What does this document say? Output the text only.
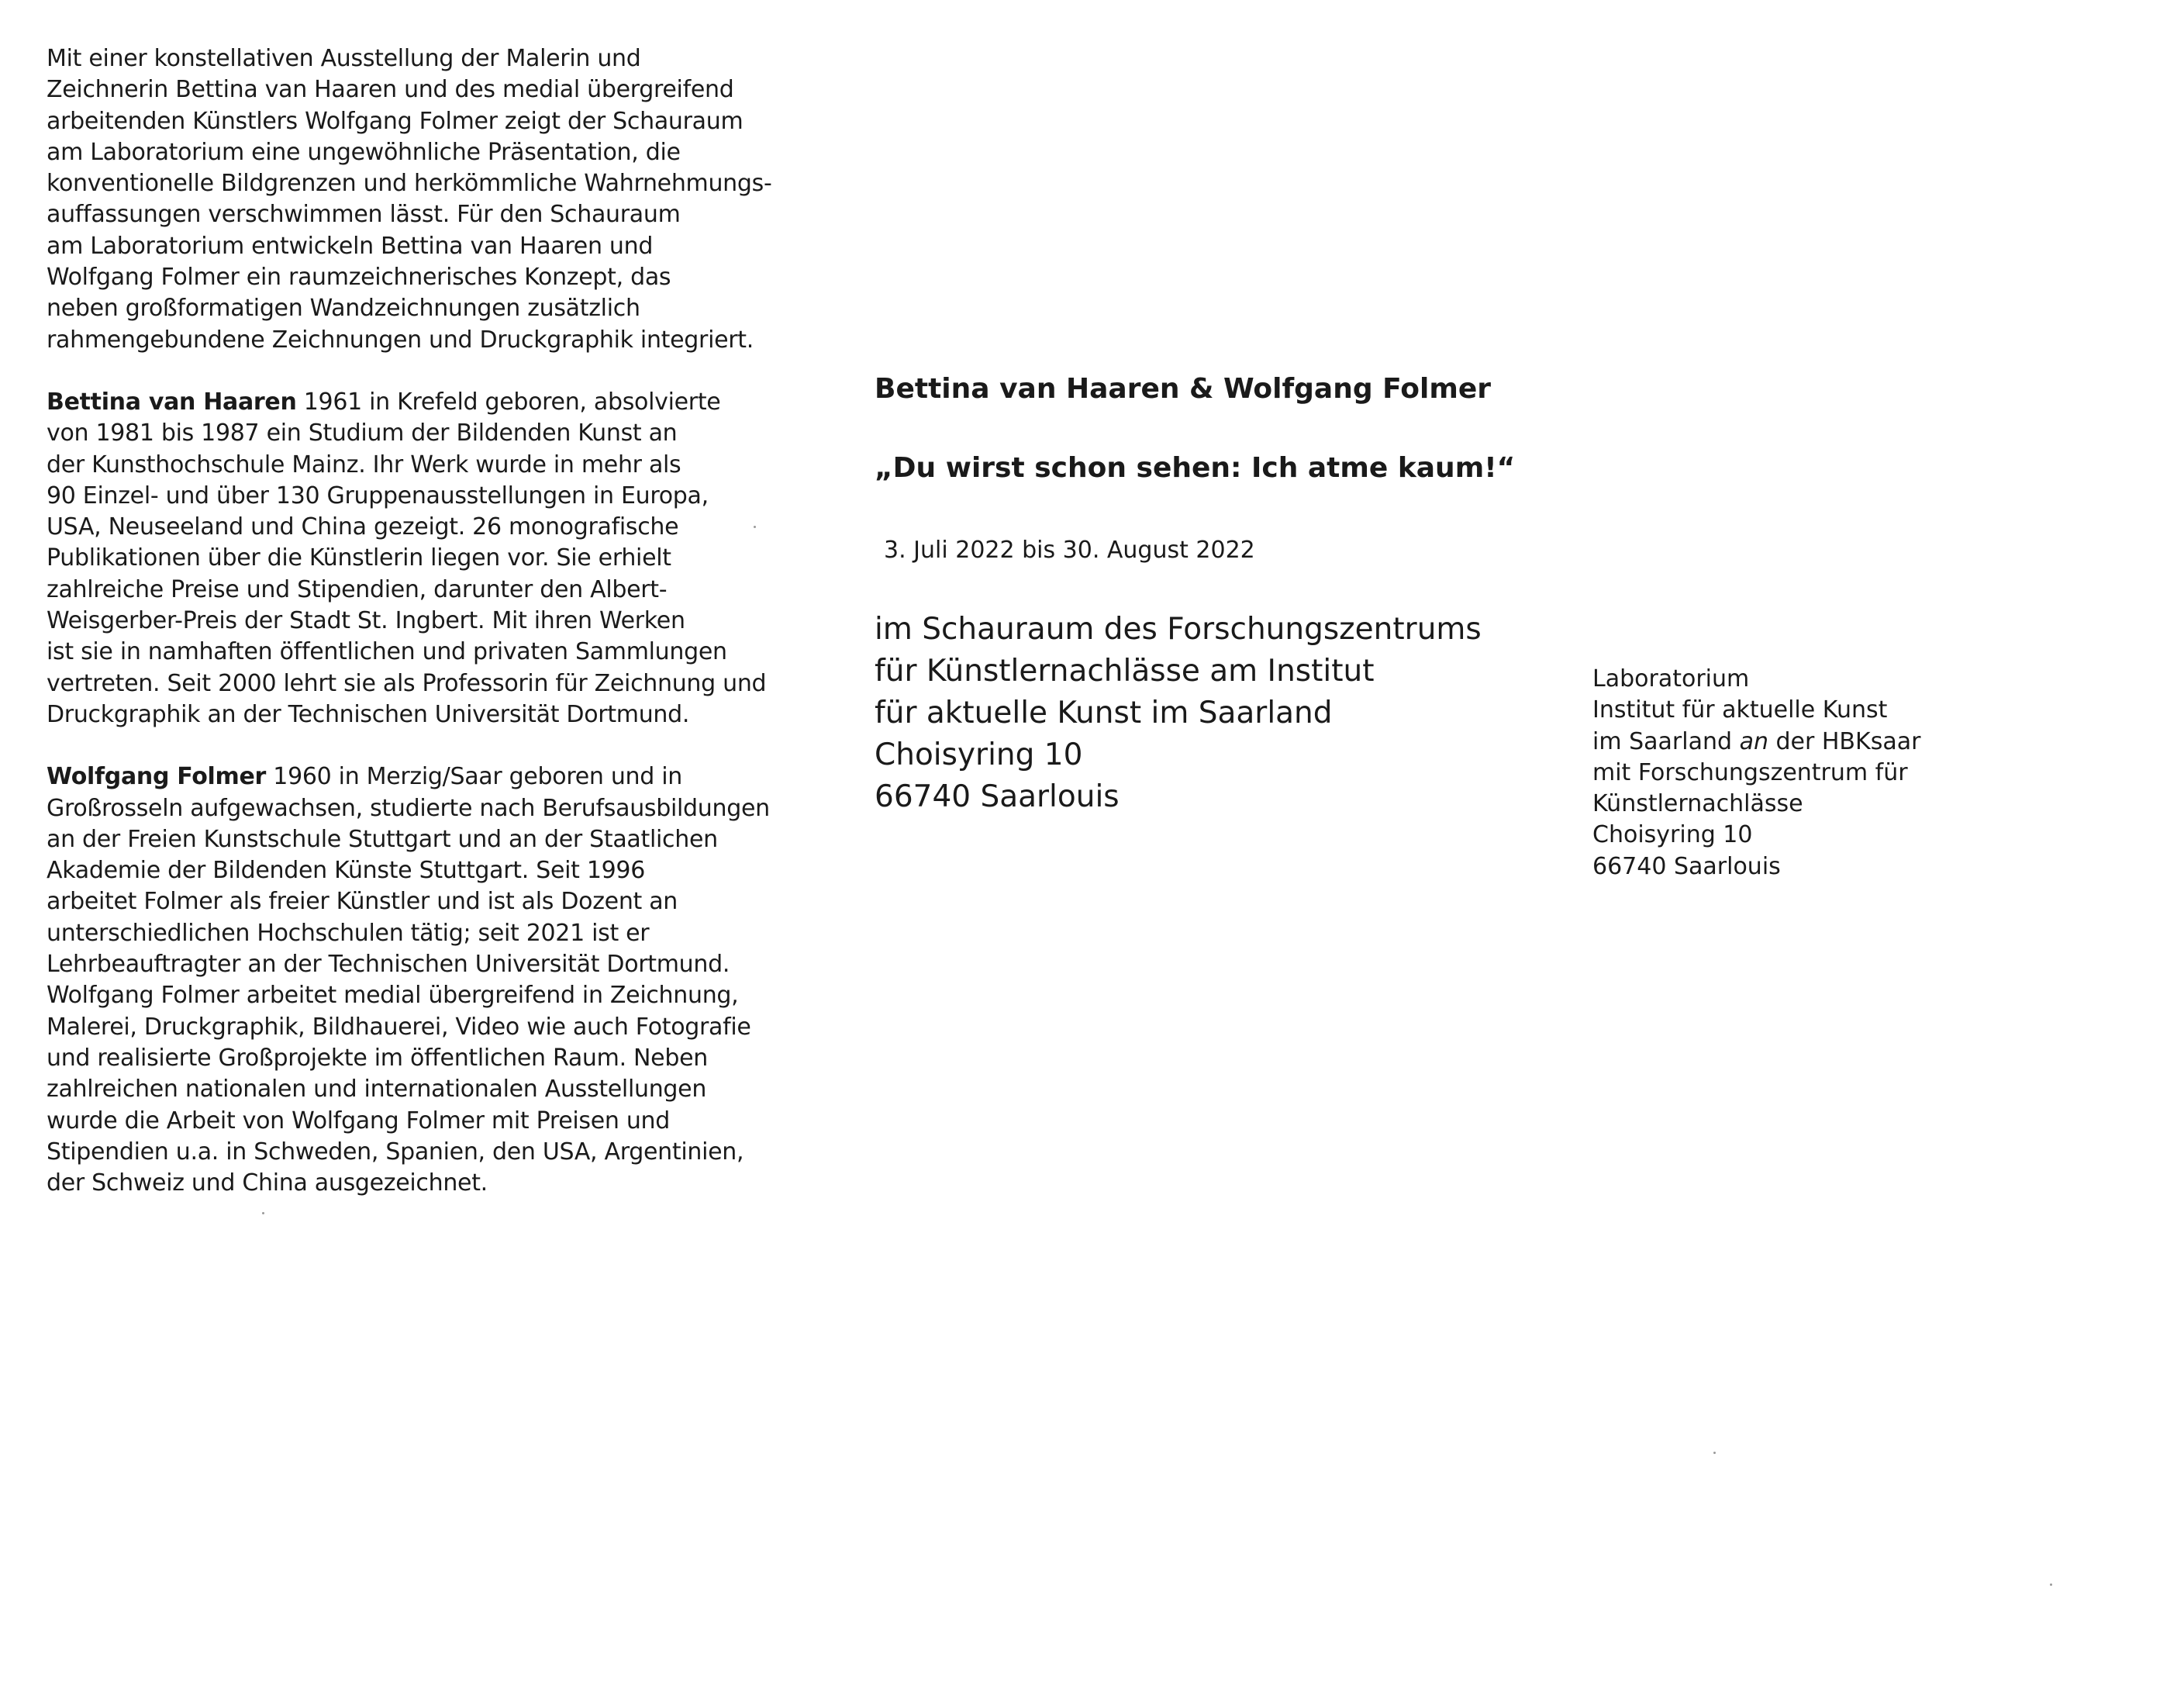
Mit einer konstellativen Ausstellung der Malerin und
Zeichnerin Bettina van Haaren und des medial übergreifend
arbeitenden Künstlers Wolfgang Folmer zeigt der Schauraum
am Laboratorium eine ungewöhnliche Präsentation, die
konventionelle Bildgrenzen und herkömmliche Wahrnehmungs-
auffassungen verschwimmen lässt. Für den Schauraum
am Laboratorium entwickeln Bettina van Haaren und
Wolfgang Folmer ein raumzeichnerisches Konzept, das
neben großformatigen Wandzeichnungen zusätzlich
rahmengebundene Zeichnungen und Druckgraphik integriert.

Bettina van Haaren 1961 in Krefeld geboren, absolvierte
von 1981 bis 1987 ein Studium der Bildenden Kunst an
der Kunsthochschule Mainz. Ihr Werk wurde in mehr als
90 Einzel- und über 130 Gruppenausstellungen in Europa,
USA, Neuseeland und China gezeigt. 26 monografische
Publikationen über die Künstlerin liegen vor. Sie erhielt
zahlreiche Preise und Stipendien, darunter den Albert-
Weisgerber-Preis der Stadt St. Ingbert. Mit ihren Werken
ist sie in namhaften öffentlichen und privaten Sammlungen
vertreten. Seit 2000 lehrt sie als Professorin für Zeichnung und
Druckgraphik an der Technischen Universität Dortmund.

Wolfgang Folmer 1960 in Merzig/Saar geboren und in
Großrosseln aufgewachsen, studierte nach Berufsausbildungen
an der Freien Kunstschule Stuttgart und an der Staatlichen
Akademie der Bildenden Künste Stuttgart. Seit 1996
arbeitet Folmer als freier Künstler und ist als Dozent an
unterschiedlichen Hochschulen tätig; seit 2021 ist er
Lehrbeauftragter an der Technischen Universität Dortmund.
Wolfgang Folmer arbeitet medial übergreifend in Zeichnung,
Malerei, Druckgraphik, Bildhauerei, Video wie auch Fotografie
und realisierte Großprojekte im öffentlichen Raum. Neben
zahlreichen nationalen und internationalen Ausstellungen
wurde die Arbeit von Wolfgang Folmer mit Preisen und
Stipendien u.a. in Schweden, Spanien, den USA, Argentinien,
der Schweiz und China ausgezeichnet.

Bettina van Haaren & Wolfgang Folmer
„Du wirst schon sehen: Ich atme kaum!“
3. Juli 2022 bis 30. August 2022
im Schauraum des Forschungszentrums
für Künstlernachlässe am Institut
für aktuelle Kunst im Saarland
Choisyring 10
66740 Saarlouis
Laboratorium
Institut für aktuelle Kunst
im Saarland an der HBKsaar
mit Forschungszentrum für
Künstlernachlässe
Choisyring 10
66740 Saarlouis
